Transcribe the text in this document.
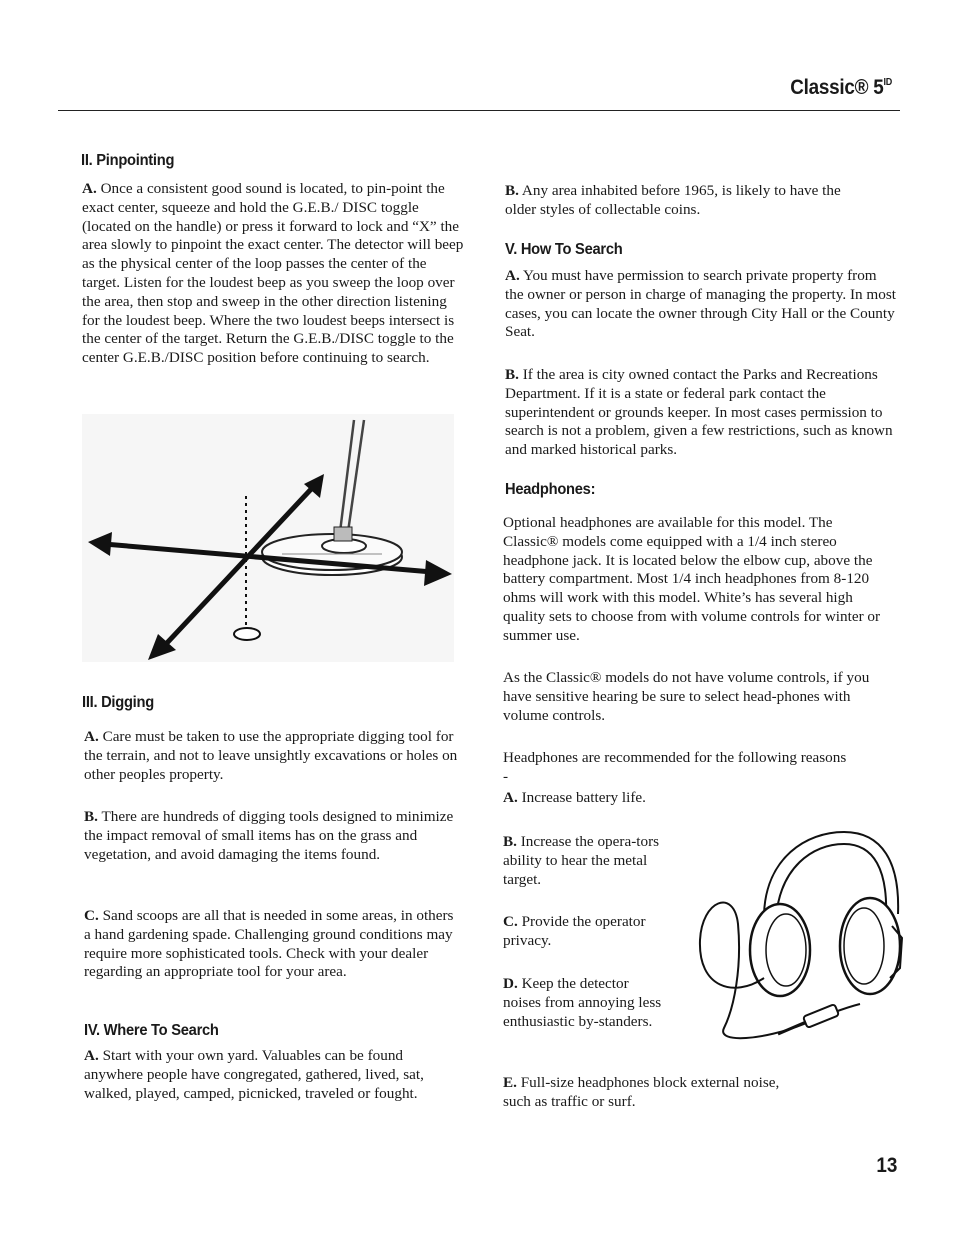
Classic® $5^{ID}$
II. Pinpointing

A. Once a consistent good sound is located, to pin-point the exact center, squeeze and hold the G.E.B./ DISC toggle (located on the handle) or press it forward to lock and “X” the area slowly to pinpoint the exact center. The detector will beep as the physical center of the loop passes the center of the target. Listen for the loudest beep as you sweep the loop over the area, then stop and sweep in the other direction listening for the loudest beep. Where the two loudest beeps intersect is the center of the target. Return the G.E.B./DISC toggle to the center G.E.B./DISC position before continuing to search.

III. Digging

A. Care must be taken to use the appropriate digging tool for the terrain, and not to leave unsightly excavations or holes on other peoples property.

B. There are hundreds of digging tools designed to minimize the impact removal of small items has on the grass and vegetation, and avoid damaging the items found.

C. Sand scoops are all that is needed in some areas, in others a hand gardening spade. Challenging ground conditions may require more sophisticated tools. Check with your dealer regarding an appropriate tool for your area.

IV. Where To Search

A. Start with your own yard. Valuables can be found anywhere people have congregated, gathered, lived, sat, walked, played, camped, picnicked, traveled or fought.

B. Any area inhabited before 1965, is likely to have the older styles of collectable coins.

V. How To Search

A. You must have permission to search private property from the owner or person in charge of managing the property. In most cases, you can locate the owner through City Hall or the County Seat.

B. If the area is city owned contact the Parks and Recreations Department. If it is a state or federal park contact the superintendent or grounds keeper. In most cases permission to search is not a problem, given a few restrictions, such as known and marked historical parks.

Headphones:

Optional headphones are available for this model. The Classic® models come equipped with a 1/4 inch stereo headphone jack. It is located below the elbow cup, above the battery compartment. Most 1/4 inch headphones from 8-120 ohms will work with this model. White’s has several high quality sets to choose from with volume controls for winter or summer use.

As the Classic® models do not have volume controls, if you have sensitive hearing be sure to select head-phones with volume controls.

Headphones are recommended for the following reasons -

A. Increase battery life.

B. Increase the opera-tors ability to hear the metal target.

C. Provide the operator privacy.

D. Keep the detector noises from annoying less enthusiastic by-standers.

E. Full-size headphones block external noise, such as traffic or surf.

13
